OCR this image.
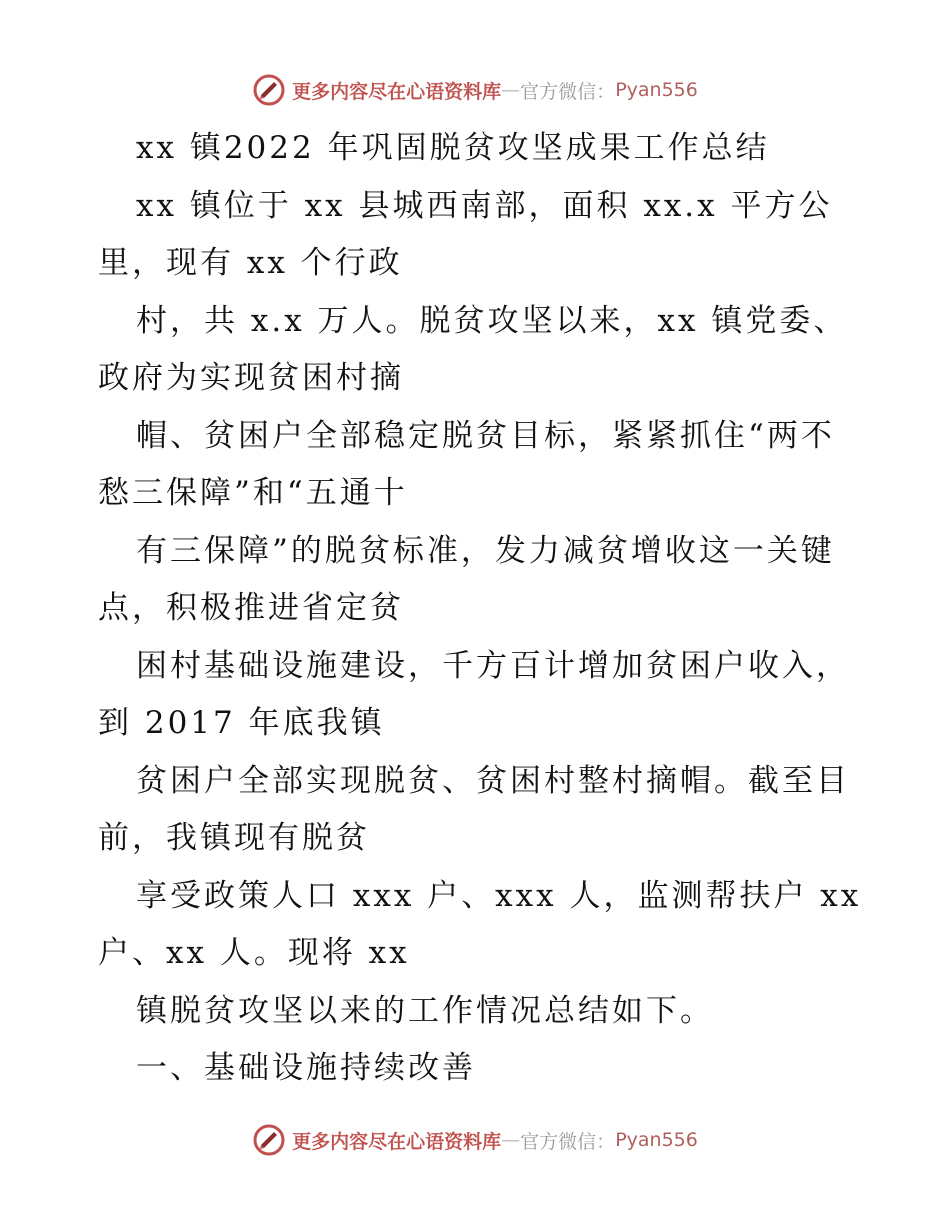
更多内容尽在心语资料库 — 官方微信： Pyan556
xx 镇2022 年巩固脱贫攻坚成果工作总结
xx 镇位于 xx 县城西南部，面积 xx.x 平方公
里，现有 xx 个行政
村，共 x.x 万人。脱贫攻坚以来，xx 镇党委、
政府为实现贫困村摘
帽、贫困户全部稳定脱贫目标，紧紧抓住“两不
愁三保障”和“五通十
有三保障”的脱贫标准，发力减贫增收这一关键
点，积极推进省定贫
困村基础设施建设，千方百计增加贫困户收入，
到 2017 年底我镇
贫困户全部实现脱贫、贫困村整村摘帽。截至目
前，我镇现有脱贫
享受政策人口 xxx 户、xxx 人，监测帮扶户 xx
户、xx 人。现将 xx
镇脱贫攻坚以来的工作情况总结如下。
一、基础设施持续改善
更多内容尽在心语资料库 — 官方微信： Pyan556
